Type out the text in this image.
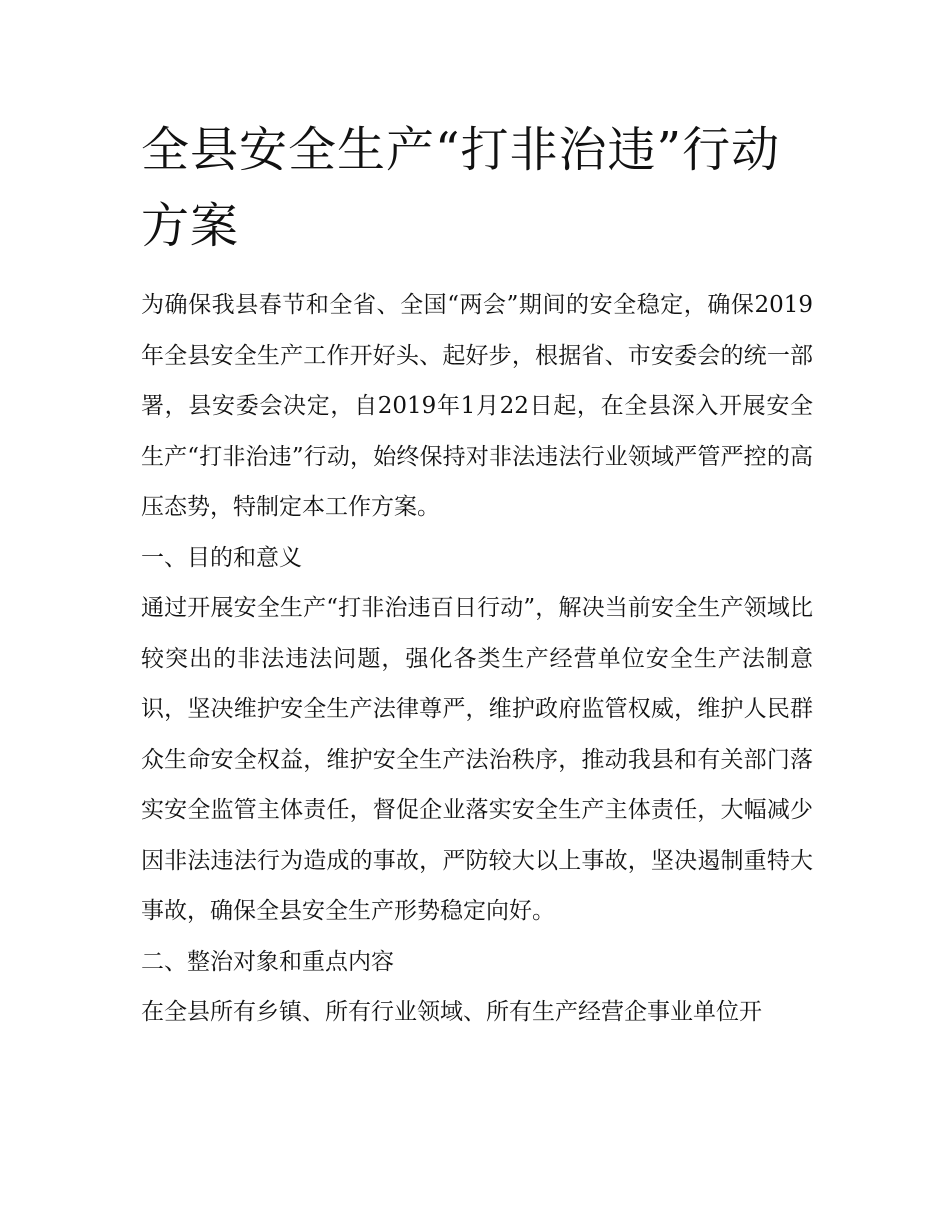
全县安全生产“打非治违”行动方案

为确保我县春节和全省、全国“两会”期间的安全稳定，确保2019年全县安全生产工作开好头、起好步，根据省、市安委会的统一部署，县安委会决定，自2019年1月22日起，在全县深入开展安全生产“打非治违”行动，始终保持对非法违法行业领域严管严控的高压态势，特制定本工作方案。

一、目的和意义

通过开展安全生产“打非治违百日行动”，解决当前安全生产领域比较突出的非法违法问题，强化各类生产经营单位安全生产法制意识，坚决维护安全生产法律尊严，维护政府监管权威，维护人民群众生命安全权益，维护安全生产法治秩序，推动我县和有关部门落实安全监管主体责任，督促企业落实安全生产主体责任，大幅减少因非法违法行为造成的事故，严防较大以上事故，坚决遏制重特大事故，确保全县安全生产形势稳定向好。

二、整治对象和重点内容

在全县所有乡镇、所有行业领域、所有生产经营企事业单位开
